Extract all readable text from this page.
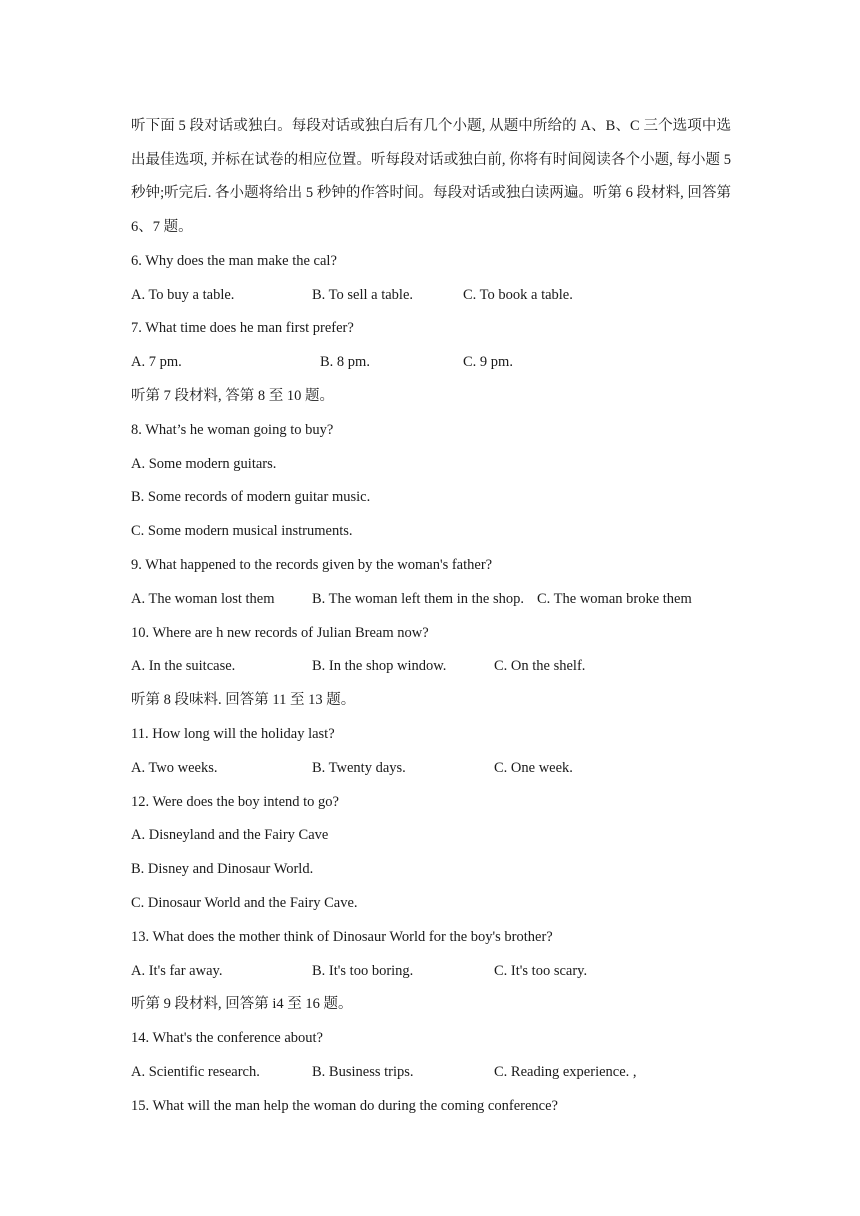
听下面 5 段对话或独白。每段对话或独白后有几个小题, 从题中所给的 A、B、C 三个选项中选出最佳选项, 并标在试卷的相应位置。听每段对话或独白前, 你将有时间阅读各个小题, 每小题 5 秒钟;听完后. 各小题将给出 5 秒钟的作答时间。每段对话或独白读两遍。听第 6 段材料, 回答第 6、7 题。

6. Why does the man make the cal?
A. To buy a table.	B. To sell a table.	C. To book a table.
7. What time does he man first prefer?
A. 7 pm.	B. 8 pm.	C. 9 pm.
听第 7 段材料, 答第 8 至 10 题。
8. What’s he woman going to buy?
A. Some modern guitars.
B. Some records of modern guitar music.
C. Some modern musical instruments.
9. What happened to the records given by the woman's father?
A. The woman lost them	B. The woman left them in the shop. C. The woman broke them
10. Where are h new records of Julian Bream now?
A. In the suitcase.	B. In the shop window.	C. On the shelf.
听第 8 段味料. 回答第 11 至 13 题。
11. How long will the holiday last?
A. Two weeks.	B. Twenty days.	C. One week.
12. Were does the boy intend to go?
A. Disneyland and the Fairy Cave
B. Disney and Dinosaur World.
C. Dinosaur World and the Fairy Cave.
13. What does the mother think of Dinosaur World for the boy's brother?
A. It's far away.	B. It's too boring.	C. It's too scary.
听第 9 段材料, 回答第 i4 至 16 题。
14. What's the conference about?
A. Scientific research.	B. Business trips.	C. Reading experience. ,
15. What will the man help the woman do during the coming conference?
